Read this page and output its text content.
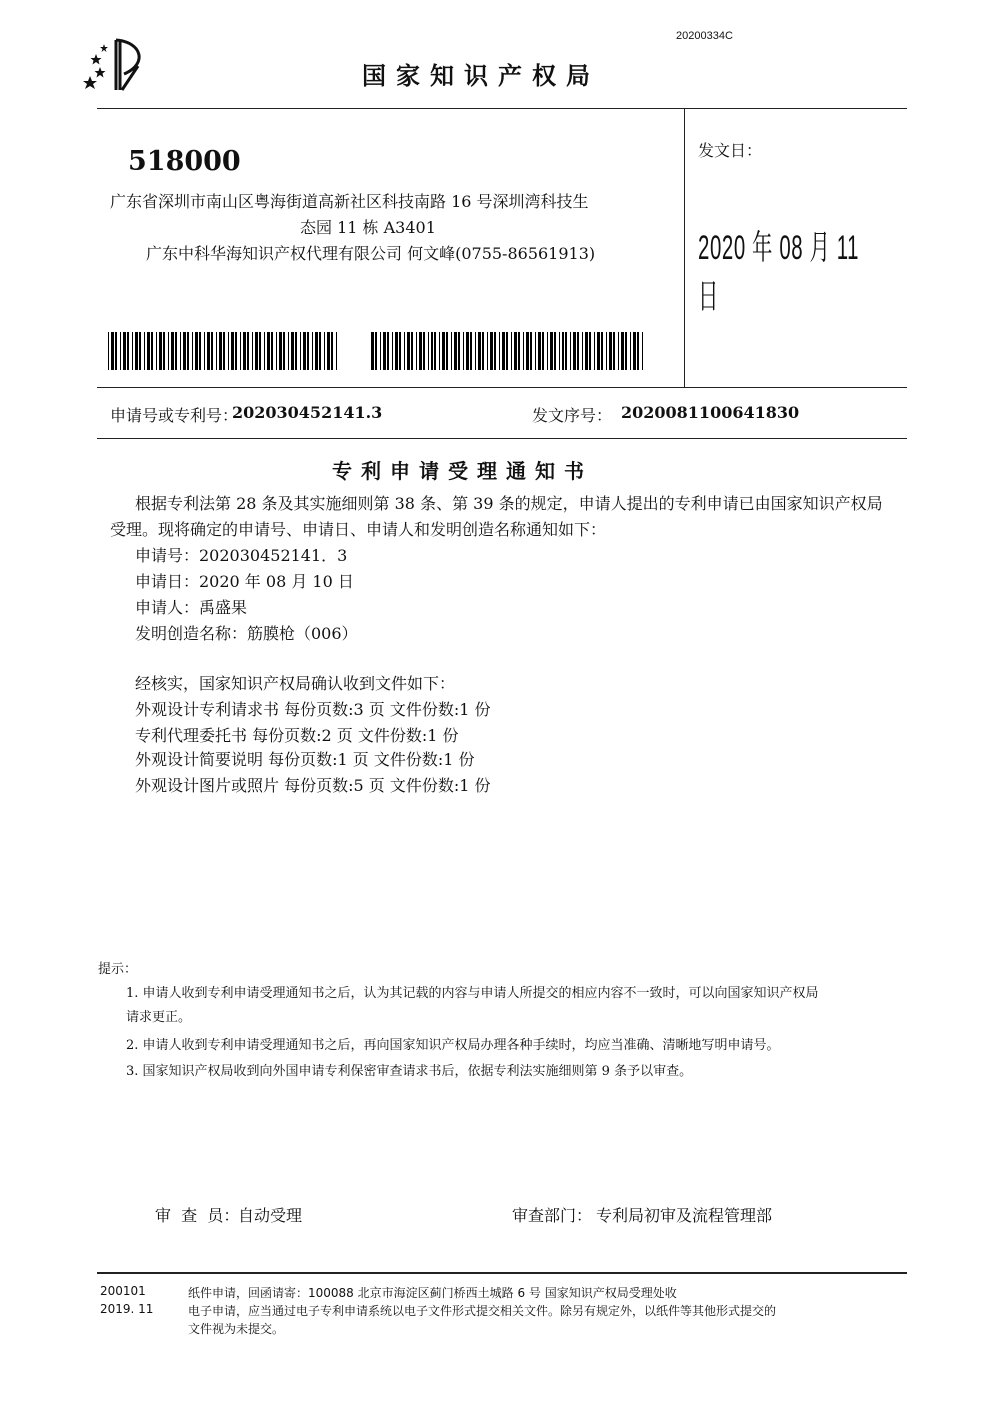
20200334C
国家知识产权局
518000
广东省深圳市南山区粤海街道高新社区科技南路 16 号深圳湾科技生
态园 11 栋 A3401
广东中科华海知识产权代理有限公司 何文峰(0755-86561913)
发文日：
2020 年 08 月 11 日
申请号或专利号：
202030452141.3	发文序号： 2020081100641830
专利申请受理通知书
根据专利法第 28 条及其实施细则第 38 条、第 39 条的规定，申请人提出的专利申请已由国家知识产权局
受理。现将确定的申请号、申请日、申请人和发明创造名称通知如下：
申请号：202030452141．3
申请日：2020 年 08 月 10 日
申请人：禹盛果
发明创造名称：筋膜枪（006）
经核实，国家知识产权局确认收到文件如下：
外观设计专利请求书 每份页数:3 页 文件份数:1 份
专利代理委托书 每份页数:2 页 文件份数:1 份
外观设计简要说明 每份页数:1 页 文件份数:1 份
外观设计图片或照片 每份页数:5 页 文件份数:1 份
提示：
1. 申请人收到专利申请受理通知书之后，认为其记载的内容与申请人所提交的相应内容不一致时，可以向国家知识产权局
请求更正。
2. 申请人收到专利申请受理通知书之后，再向国家知识产权局办理各种手续时，均应当准确、清晰地写明申请号。
3. 国家知识产权局收到向外国申请专利保密审查请求书后，依据专利法实施细则第 9 条予以审查。
审  查  员：
自动受理	审查部门： 专利局初审及流程管理部
200101
2019. 11
纸件申请，回函请寄：100088 北京市海淀区蓟门桥西土城路 6 号 国家知识产权局受理处收
电子申请，应当通过电子专利申请系统以电子文件形式提交相关文件。除另有规定外，以纸件等其他形式提交的
文件视为未提交。
